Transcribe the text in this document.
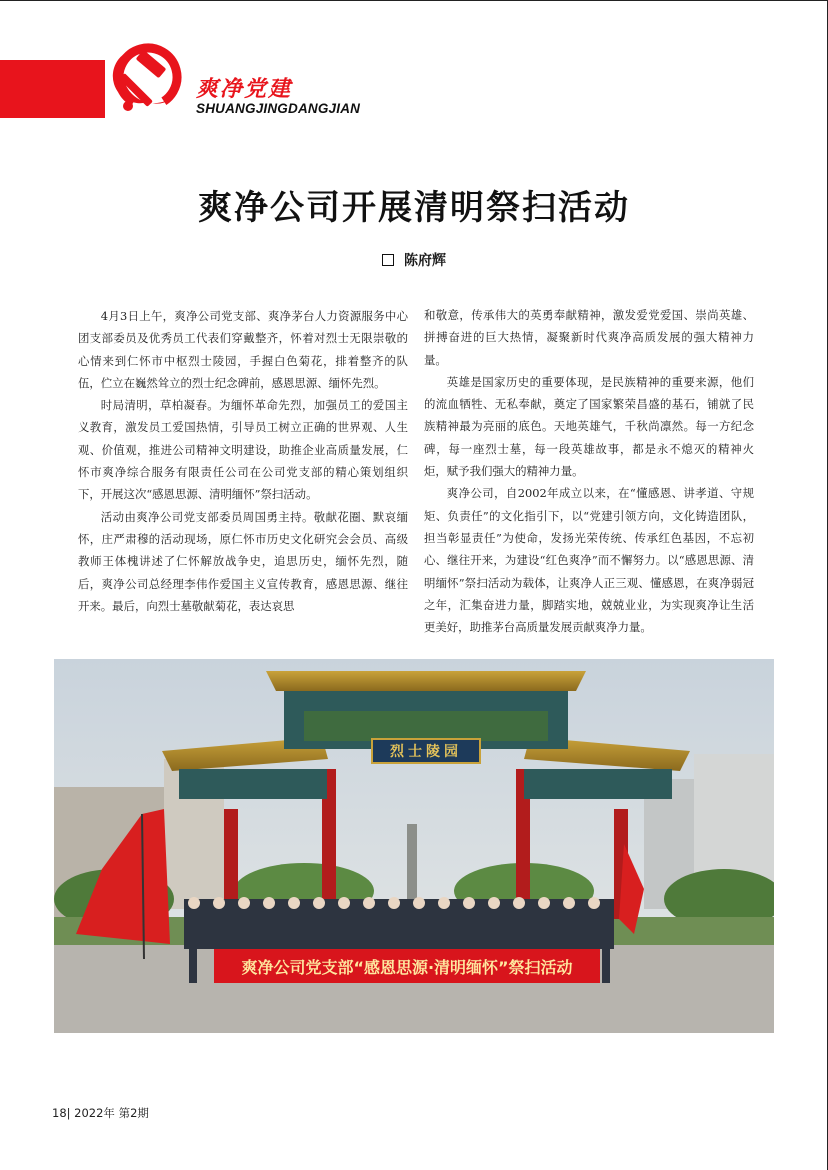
爽净党建
SHUANGJINGDANGJIAN
爽净公司开展清明祭扫活动
陈府辉

4月3日上午，爽净公司党支部、爽净茅台人力资源服务中心团支部委员及优秀员工代表们穿戴整齐，怀着对烈士无限崇敬的心情来到仁怀市中枢烈士陵园，手握白色菊花，排着整齐的队伍，伫立在巍然耸立的烈士纪念碑前，感恩思源、缅怀先烈。

时局清明，草柏凝春。为缅怀革命先烈，加强员工的爱国主义教育，激发员工爱国热情，引导员工树立正确的世界观、人生观、价值观，推进公司精神文明建设，助推企业高质量发展，仁怀市爽净综合服务有限责任公司在公司党支部的精心策划组织下，开展这次“感恩思源、清明缅怀”祭扫活动。

活动由爽净公司党支部委员周国勇主持。敬献花圈、默哀缅怀，庄严肃穆的活动现场，原仁怀市历史文化研究会会员、高级教师王体槐讲述了仁怀解放战争史，追思历史，缅怀先烈，随后，爽净公司总经理李伟作爱国主义宣传教育，感恩思源、继往开来。最后，向烈士墓敬献菊花，表达哀思

和敬意，传承伟大的英勇奉献精神，激发爱党爱国、崇尚英雄、拼搏奋进的巨大热情，凝聚新时代爽净高质发展的强大精神力量。

英雄是国家历史的重要体现，是民族精神的重要来源，他们的流血牺牲、无私奉献，奠定了国家繁荣昌盛的基石，铺就了民族精神最为亮丽的底色。天地英雄气，千秋尚凛然。每一方纪念碑，每一座烈士墓，每一段英雄故事，都是永不熄灭的精神火炬，赋予我们强大的精神力量。

爽净公司，自2002年成立以来，在“懂感恩、讲孝道、守规矩、负责任”的文化指引下，以“党建引领方向，文化铸造团队，担当彰显责任”为使命，发扬光荣传统、传承红色基因，不忘初心、继往开来，为建设“红色爽净”而不懈努力。以“感恩思源、清明缅怀”祭扫活动为载体，让爽净人正三观、懂感恩，在爽净弱冠之年，汇集奋进力量，脚踏实地，兢兢业业，为实现爽净让生活更美好，助推茅台高质量发展贡献爽净力量。

烈士陵园
爽净公司党支部“感恩思源·清明缅怀”祭扫活动
18| 2022年 第2期
